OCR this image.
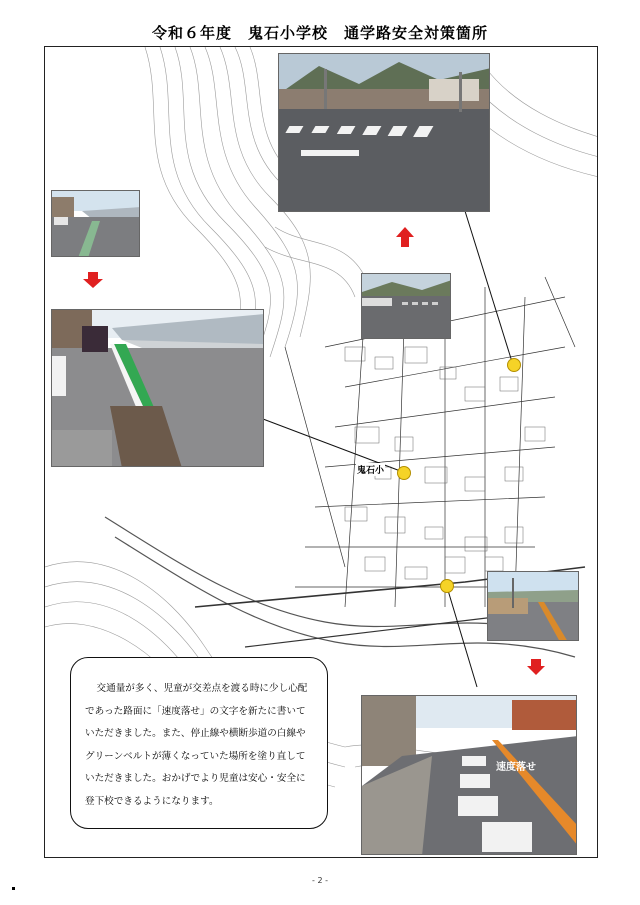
令和６年度　鬼石小学校　通学路安全対策箇所
速度落せ
鬼石小

交通量が多く、児童が交差点を渡る時に少し心配であった路面に「速度落せ」の文字を新たに書いていただきました。また、停止線や横断歩道の白線やグリーンベルトが薄くなっていた場所を塗り直していただきました。おかげでより児童は安心・安全に登下校できるようになります。

- 2 -
